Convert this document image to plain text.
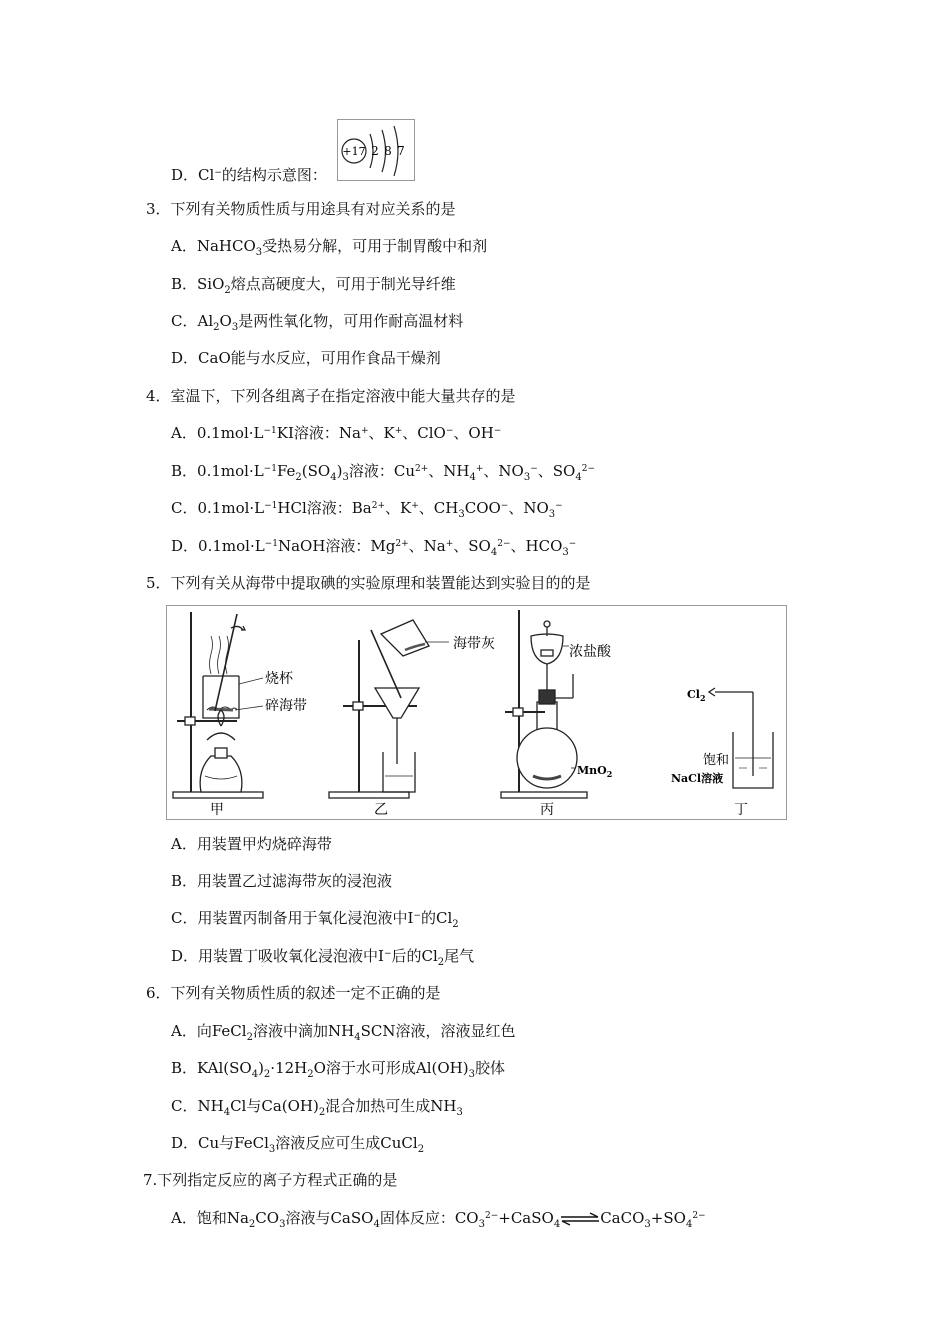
D．Cl−的结构示意图：
+17 2 8 7
3．下列有关物质性质与用途具有对应关系的是
A．NaHCO$_3$受热易分解，可用于制胃酸中和剂
B．SiO$_2$熔点高硬度大，可用于制光导纤维
C．$Al_2O_3$是两性氧化物，可用作耐高温材料
D．CaO能与水反应，可用作食品干燥剂
4．室温下，下列各组离子在指定溶液中能大量共存的是
A．$0.1mol\cdot L^{-1}KI$溶液：Na+、K+、ClO−、OH−
B．$0.1mol\cdot L^{-1}Fe_2(SO_4)_3$溶液：$Cu^{2+}$、$NH_4^+$、$NO_3^-$、$SO_4^{2-}$
C．$0.1mol\cdot L^{-1}HCl$溶液：$Ba^{2+}$、K+、$CH_3COO^-$、$NO_3^-$
D．$0.1mol\cdot L^{-1}NaOH$溶液：$Mg^{2+}$、Na+、$SO_4^{2-}$、$HCO_3^-$
5．下列有关从海带中提取碘的实验原理和装置能达到实验目的的是
烧杯
碎海带
甲
海带灰
乙
浓盐酸
MnO$_2$
丙
$Cl_2$
饱和
NaCl溶液
丁
A．用装置甲灼烧碎海带
B．用装置乙过滤海带灰的浸泡液
C．用装置丙制备用于氧化浸泡液中I−的$Cl_2$
D．用装置丁吸收氧化浸泡液中I−后的$Cl_2$尾气
6．下列有关物质性质的叙述一定不正确的是
A．向FeCl$_2$溶液中滴加$NH_4SCN$溶液，溶液显红色
B．$KAl(SO_4)_2\cdot 12H_2O$溶于水可形成$Al(OH)_3$胶体
C．$NH_4Cl$与$Ca(OH)_2$混合加热可生成$NH_3$
D．Cu与FeCl$_3$溶液反应可生成CuCl$_2$
7.下列指定反应的离子方程式正确的是
A．饱和$Na_2CO_3$溶液与CaSO$_4$固体反应：$CO_3^{2-}+CaSO_4\rightleftharpoons CaCO_3+SO_4^{2-}$
